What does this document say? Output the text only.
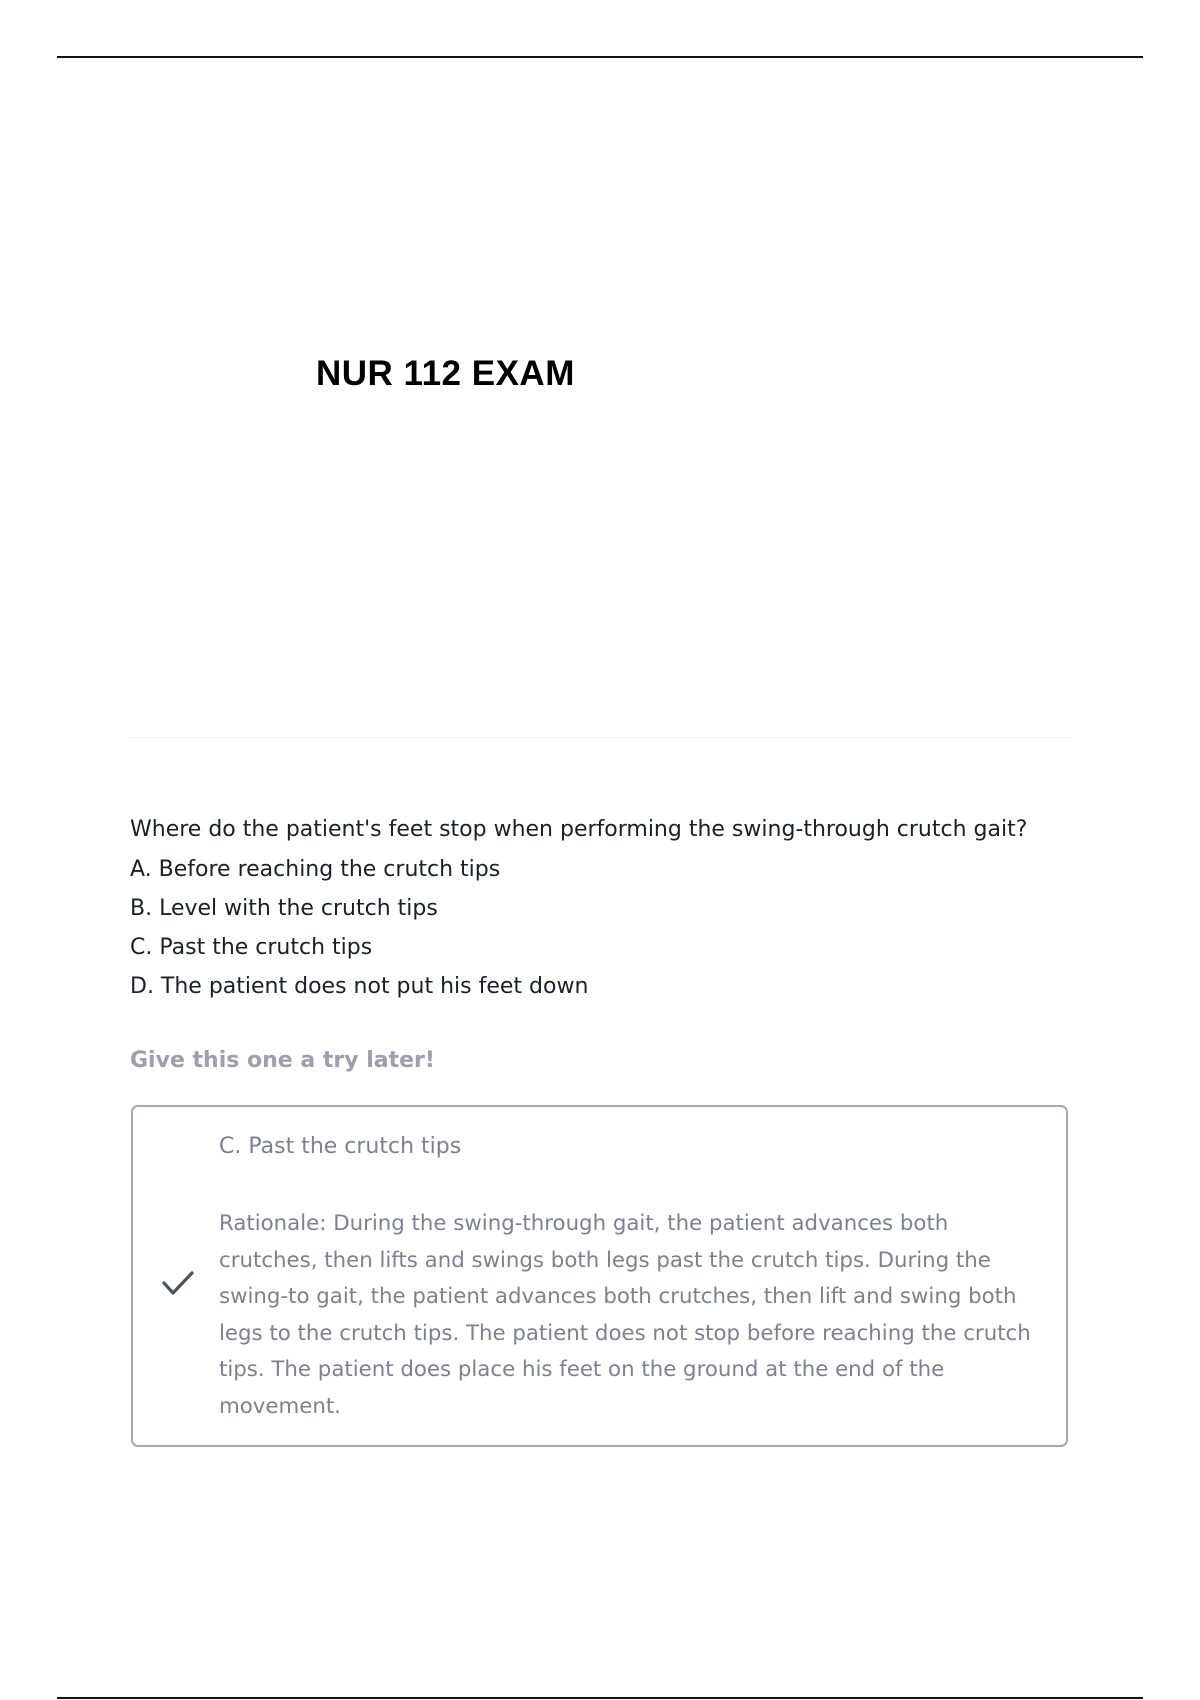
NUR 112 EXAM

Where do the patient's feet stop when performing the swing-through crutch gait?

A. Before reaching the crutch tips
B. Level with the crutch tips
C. Past the crutch tips
D. The patient does not put his feet down

Give this one a try later!

C. Past the crutch tips

Rationale: During the swing-through gait, the patient advances both crutches, then lifts and swings both legs past the crutch tips. During the swing-to gait, the patient advances both crutches, then lift and swing both legs to the crutch tips. The patient does not stop before reaching the crutch tips. The patient does place his feet on the ground at the end of the movement.
